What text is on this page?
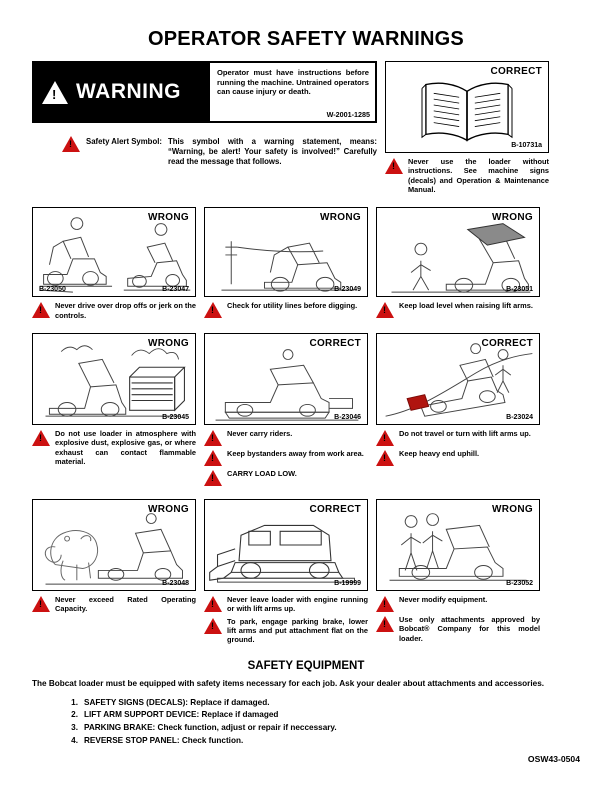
OPERATOR SAFETY WARNINGS
!
WARNING

Operator must have instructions before running the machine. Untrained operators can cause injury or death.

W-2001-1285
!
Safety Alert Symbol: This symbol with a warning statement, means: “Warning, be alert! Your safety is involved!” Carefully read the message that follows.
CORRECT
B-10731a
!
Never use the loader without instructions. See machine signs (decals) and Operation & Maintenance Manual.
WRONG
B-23050	B-23047
!
Never drive over drop offs or jerk on the controls.
WRONG
B-23049
!
Check for utility lines before digging.
WRONG
B-23051
!
Keep load level when raising lift arms.
WRONG
B-23045
!
Do not use loader in atmosphere with explosive dust, explosive gas, or where exhaust can contact flammable material.
CORRECT
B-23046
!
Never carry riders.
!
Keep bystanders away from work area.
!
CARRY LOAD LOW.
CORRECT
B-23024
!
Do not travel or turn with lift arms up.
!
Keep heavy end uphill.
WRONG
B-23048
!
Never exceed Rated Operating Capacity.
CORRECT
B-19999
!
Never leave loader with engine running or with lift arms up.
!
To park, engage parking brake, lower lift arms and put attachment flat on the ground.
WRONG
B-23052
!
Never modify equipment.
!
Use only attachments approved by Bobcat® Company for this model loader.
SAFETY EQUIPMENT
The Bobcat loader must be equipped with safety items necessary for each job. Ask your dealer about attachments and accessories.
1. SAFETY SIGNS (DECALS): Replace if damaged.
2. LIFT ARM SUPPORT DEVICE: Replace if damaged
3. PARKING BRAKE: Check function, adjust or repair if neccessary.
4. REVERSE STOP PANEL: Check function.
OSW43-0504
